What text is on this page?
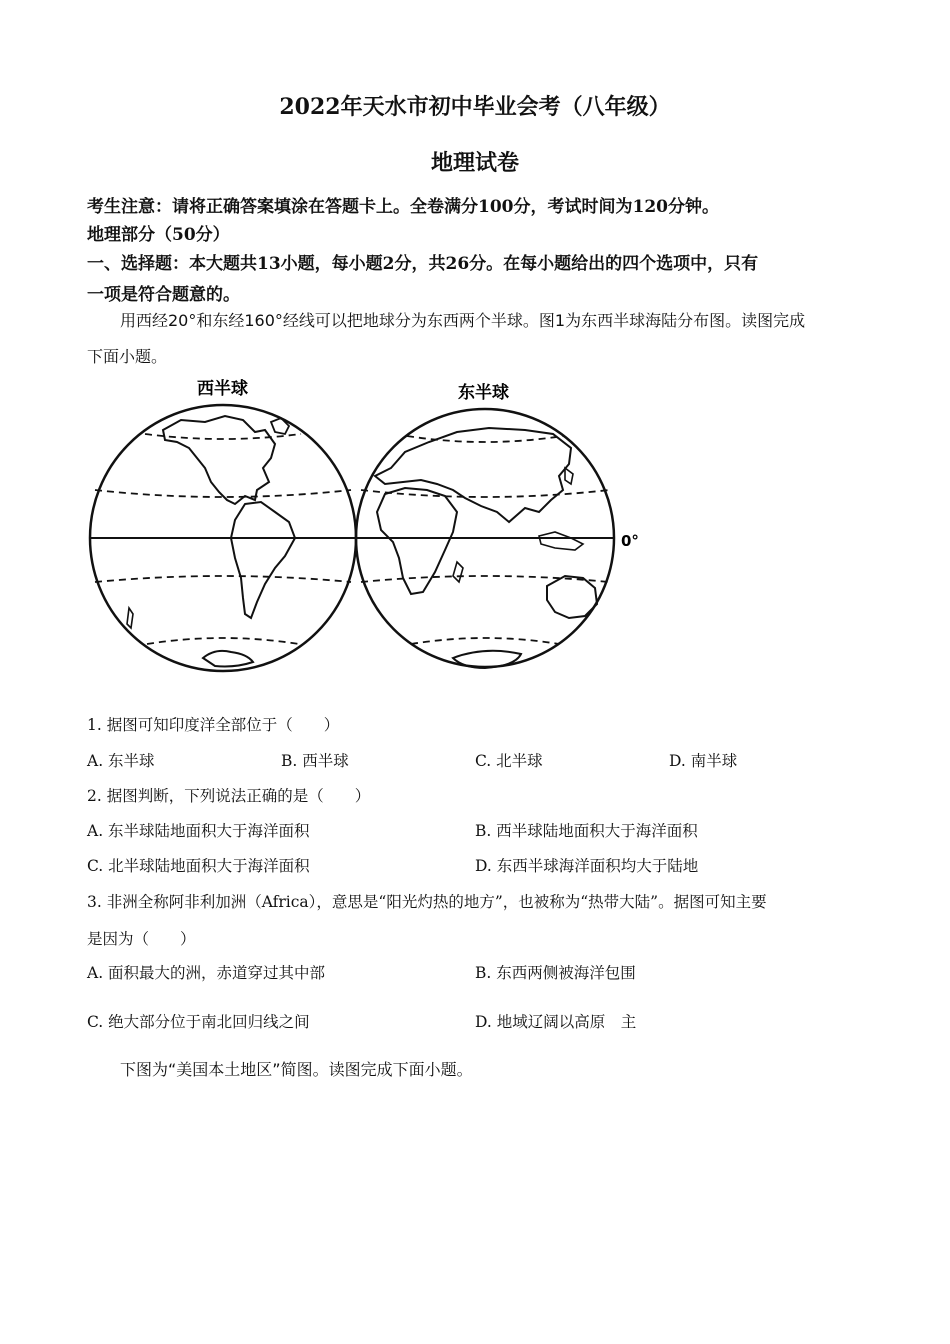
2022年天水市初中毕业会考（八年级）
地理试卷
考生注意：请将正确答案填涂在答题卡上。全卷满分100分，考试时间为120分钟。
地理部分（50分）
一、选择题：本大题共13小题，每小题2分，共26分。在每小题给出的四个选项中，只有
一项是符合题意的。
用西经20°和东经160°经线可以把地球分为东西两个半球。图1为东西半球海陆分布图。读图完成
下面小题。
西半球	东半球
0°
1. 据图可知印度洋全部位于（　　）
A. 东半球	B. 西半球	C. 北半球	D. 南半球
2. 据图判断，下列说法正确的是（　　）
A. 东半球陆地面积大于海洋面积	B. 西半球陆地面积大于海洋面积
C. 北半球陆地面积大于海洋面积	D. 东西半球海洋面积均大于陆地
3. 非洲全称阿非利加洲（Africa），意思是“阳光灼热的地方”，也被称为“热带大陆”。据图可知主要
是因为（　　）
A. 面积最大的洲，赤道穿过其中部	B. 东西两侧被海洋包围
C. 绝大部分位于南北回归线之间	D. 地域辽阔以高原　主
下图为“美国本土地区”简图。读图完成下面小题。
